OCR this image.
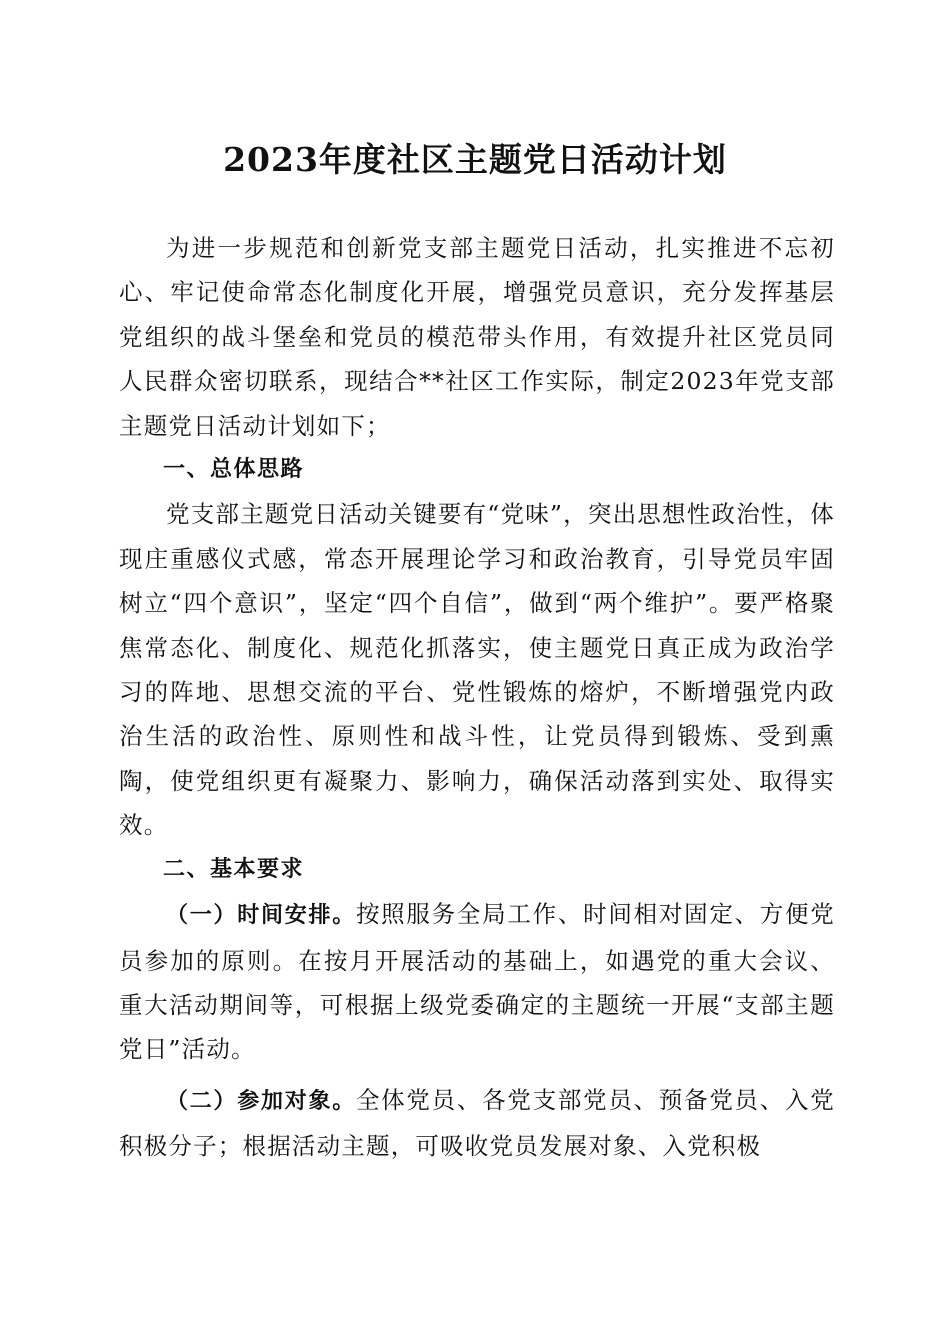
2023年度社区主题党日活动计划

为进一步规范和创新党支部主题党日活动，扎实推进不忘初心、牢记使命常态化制度化开展，增强党员意识，充分发挥基层党组织的战斗堡垒和党员的模范带头作用，有效提升社区党员同人民群众密切联系，现结合**社区工作实际，制定2023年党支部主题党日活动计划如下；

一、总体思路

党支部主题党日活动关键要有“党味”，突出思想性政治性，体现庄重感仪式感，常态开展理论学习和政治教育，引导党员牢固树立“四个意识”，坚定“四个自信”，做到“两个维护”。要严格聚焦常态化、制度化、规范化抓落实，使主题党日真正成为政治学习的阵地、思想交流的平台、党性锻炼的熔炉，不断增强党内政治生活的政治性、原则性和战斗性，让党员得到锻炼、受到熏陶，使党组织更有凝聚力、影响力，确保活动落到实处、取得实效。

二、基本要求

（一）时间安排。按照服务全局工作、时间相对固定、方便党员参加的原则。在按月开展活动的基础上，如遇党的重大会议、重大活动期间等，可根据上级党委确定的主题统一开展“支部主题党日”活动。

（二）参加对象。全体党员、各党支部党员、预备党员、入党积极分子；根据活动主题，可吸收党员发展对象、入党积极
